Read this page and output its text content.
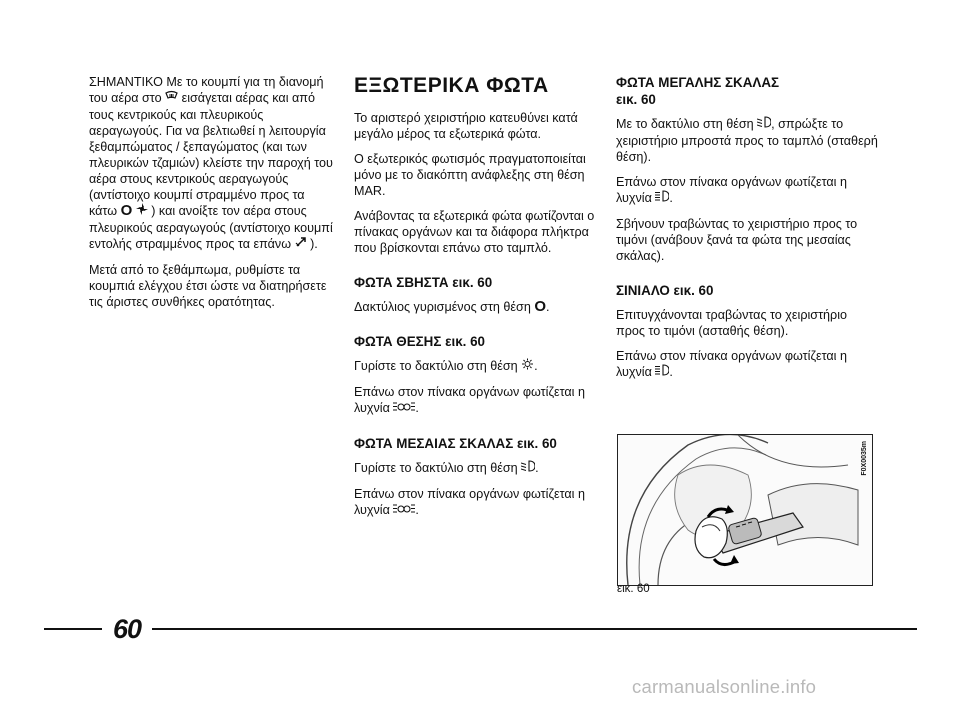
ΣΗΜΑΝΤΙΚΟ Με το κουμπί για τη διανομή του αέρα στο εισάγεται αέρας και από τους κεντρικούς και πλευρικούς αεραγωγούς. Για να βελτιωθεί η λειτουργία ξεθαμπώματος / ξεπαγώματος (και των πλευρικών τζαμιών) κλείστε την παροχή του αέρα στους κεντρικούς αεραγωγούς (αντίστοιχο κουμπί στραμμένο προς τα κάτω O ) και ανοίξτε τον αέρα στους πλευρικούς αεραγωγούς (αντίστοιχο κουμπί εντολής στραμμένος προς τα επάνω ).

Μετά από το ξεθάμπωμα, ρυθμίστε τα κουμπιά ελέγχου έτσι ώστε να διατηρήσετε τις άριστες συνθήκες ορατότητας.

ΕΞΩΤΕΡΙΚΑ ΦΩΤΑ

Το αριστερό χειριστήριο κατευθύνει κατά μεγάλο μέρος τα εξωτερικά φώτα.

Ο εξωτερικός φωτισμός πραγματοποιείται μόνο με το διακόπτη ανάφλεξης στη θέση MAR.

Ανάβοντας τα εξωτερικά φώτα φωτίζονται ο πίνακας οργάνων και τα διάφορα πλήκτρα που βρίσκονται επάνω στο ταμπλό.

ΦΩΤΑ ΣΒΗΣΤΑ εικ. 60

Δακτύλιος γυρισμένος στη θέση O.

ΦΩΤΑ ΘΕΣΗΣ εικ. 60

Γυρίστε το δακτύλιο στη θέση .

Επάνω στον πίνακα οργάνων φωτίζεται η λυχνία .

ΦΩΤΑ ΜΕΣΑΙΑΣ ΣΚΑΛΑΣ εικ. 60

Γυρίστε το δακτύλιο στη θέση .

Επάνω στον πίνακα οργάνων φωτίζεται η λυχνία .

ΦΩΤΑ ΜΕΓΑΛΗΣ ΣΚΑΛΑΣ
εικ. 60

Με το δακτύλιο στη θέση , σπρώξτε το χειριστήριο μπροστά προς το ταμπλό (σταθερή θέση).

Επάνω στον πίνακα οργάνων φωτίζεται η λυχνία .

Σβήνουν τραβώντας το χειριστήριο προς το τιμόνι (ανάβουν ξανά τα φώτα της μεσαίας σκάλας).

ΣΙΝΙΑΛΟ εικ. 60

Επιτυγχάνονται τραβώντας το χειριστήριο προς το τιμόνι (ασταθής θέση).

Επάνω στον πίνακα οργάνων φωτίζεται η λυχνία .

F0X0035m
εικ. 60
60
carmanualsonline.info
